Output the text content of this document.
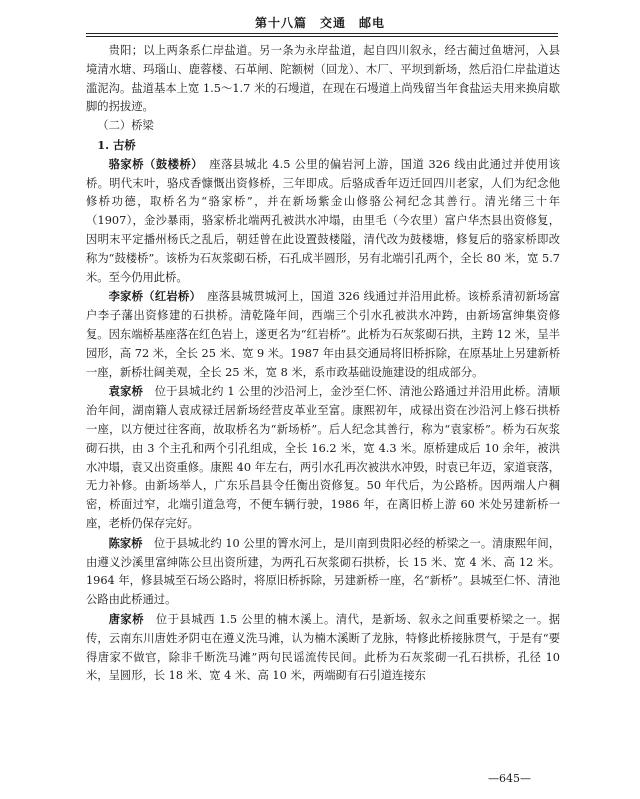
第十八篇　交通　邮电

贵阳；以上两条系仁岸盐道。另一条为永岸盐道，起自四川叙永，经古蔺过鱼塘河，入县境清水塘、玛瑙山、鹿蓉楼、石革闸、陀额树（回龙）、木厂、平坝到新场，然后沿仁岸盐道达滥泥沟。盐道基本上宽 1.5～1.7 米的石墁道，在现在石墁道上尚残留当年食盐运夫用来换肩歇脚的拐拔迹。

（二）桥梁

1. 古桥

骆家桥（鼓楼桥）　座落县城北 4.5 公里的偏岩河上游，国道 326 线由此通过并使用该桥。明代末叶，骆戍香慷慨出资修桥，三年即成。后骆成香年迈迁回四川老家，人们为纪念他修桥功德，取桥名为“骆家桥”，并在新场紫金山修骆公祠纪念其善行。清光绪三十年（1907），金沙暴雨，骆家桥北端两孔被洪水冲塌，由里毛（今农里）富户华杰县出资修复，因明末平定播州杨氏之乱后，朝廷曾在此设置鼓楼隘，清代改为鼓楼塘，修复后的骆家桥即改称为“鼓楼桥”。该桥为石灰浆砌石桥，石孔成半圆形，另有北端引孔两个，全长 80 米，宽 5.7 米。至今仍用此桥。

李家桥（红岩桥）　座落县城贯城河上，国道 326 线通过并沿用此桥。该桥系清初新场富户李子藩出资修建的石拱桥。清乾隆年间，西端三个引水孔被洪水冲跨，由新场富绅集资修复。因东端桥基座落在红色岩上，遂更名为“红岩桥”。此桥为石灰浆砌石拱，主跨 12 米，呈半园形，高 72 米，全长 25 米、宽 9 米。1987 年由县交通局将旧桥拆除，在原基址上另建新桥一座，新桥壮阔美观，全长 25 米，宽 8 米，系市政基础设施建设的组成部分。

袁家桥　位于县城北约 1 公里的沙沿河上，金沙至仁怀、清池公路通过并沿用此桥。清顺治年间，湖南籍人袁成禄迁居新场经营皮革业至富。康熙初年，成禄出资在沙沿河上修石拱桥一座，以方便过往客商，故取桥名为“新场桥”。后人纪念其善行，称为“袁家桥”。桥为石灰浆砌石拱，由 3 个主孔和两个引孔组成，全长 16.2 米，宽 4.3 米。原桥建成后 10 余年，被洪水冲塌，袁又出资重修。康熙 40 年左右，两引水孔再次被洪水冲毁，时袁已年迈，家道衰落，无力补修。由新场举人，广东乐昌县令任衡出资修复。50 年代后，为公路桥。因两端人户稠密，桥面过窄，北端引道急弯，不便车辆行驶，1986 年，在离旧桥上游 60 米处另建新桥一座，老桥仍保存完好。

陈家桥　位于县城北约 10 公里的箐水河上，是川南到贵阳必经的桥梁之一。清康熙年间，由遵义沙溪里富绅陈公旦出资所建，为两孔石灰浆砌石拱桥，长 15 米、宽 4 米、高 12 米。1964 年，修县城至石场公路时，将原旧桥拆除，另建新桥一座，名“新桥”。县城至仁怀、清池公路由此桥通过。

唐家桥　位于县城西 1.5 公里的楠木溪上。清代，是新场、叙永之间重要桥梁之一。据传，云南东川唐姓矛阴屯在遵义洗马滩，认为楠木溪断了龙脉，特修此桥接脉贯气，于是有“要得唐家不做官，除非千断洗马滩”两句民谣流传民间。此桥为石灰浆砌一孔石拱桥，孔径 10 米，呈圆形，长 18 米、宽 4 米、高 10 米，两端砌有石引道连接东

—645—
